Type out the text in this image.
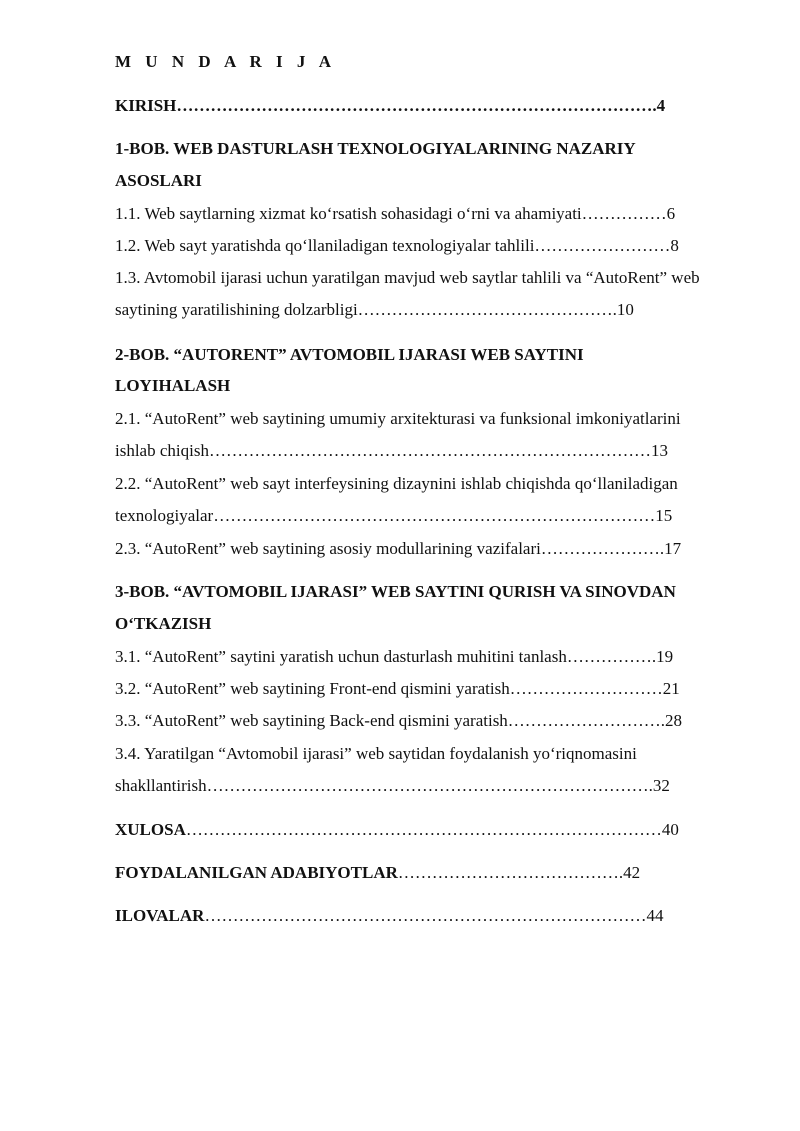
M U N D A R I J A
KIRISH………………………………………………………………………….4
1-BOB. WEB DASTURLASH TEXNOLOGIYALARINING NAZARIY
ASOSLARI
1.1. Web saytlarning xizmat koʻrsatish sohasidagi oʻrni va ahamiyati……………6
1.2. Web sayt yaratishda qoʻllaniladigan texnologiyalar tahlili……………………8
1.3. Avtomobil ijarasi uchun yaratilgan mavjud web saytlar tahlili va “AutoRent” web
saytining yaratilishining dolzarbligi……………………………………….10
2-BOB. “AUTORENT” AVTOMOBIL IJARASI WEB SAYTINI
LOYIHALASH
2.1. “AutoRent” web saytining umumiy arxitekturasi va funksional imkoniyatlarini
ishlab chiqish……………………………………………………………………13
2.2. “AutoRent” web sayt interfeysining dizaynini ishlab chiqishda qoʻllaniladigan
texnologiyalar……………………………………………………………………15
2.3. “AutoRent” web saytining asosiy modullarining vazifalari………………….17
3-BOB. “AVTOMOBIL IJARASI” WEB SAYTINI QURISH VA SINOVDAN
OʻTKAZISH
3.1. “AutoRent” saytini yaratish uchun dasturlash muhitini tanlash…………….19
3.2. “AutoRent” web saytining Front-end qismini yaratish………………………21
3.3. “AutoRent” web saytining Back-end qismini yaratish……………………….28
3.4. Yaratilgan “Avtomobil ijarasi” web saytidan foydalanish yoʻriqnomasini
shakllantirish…………………………………………………………………….32
XULOSA…………………………………………………………………………40
FOYDALANILGAN ADABIYOTLAR………………………………….42
ILOVALAR……………………………………………………………………44
